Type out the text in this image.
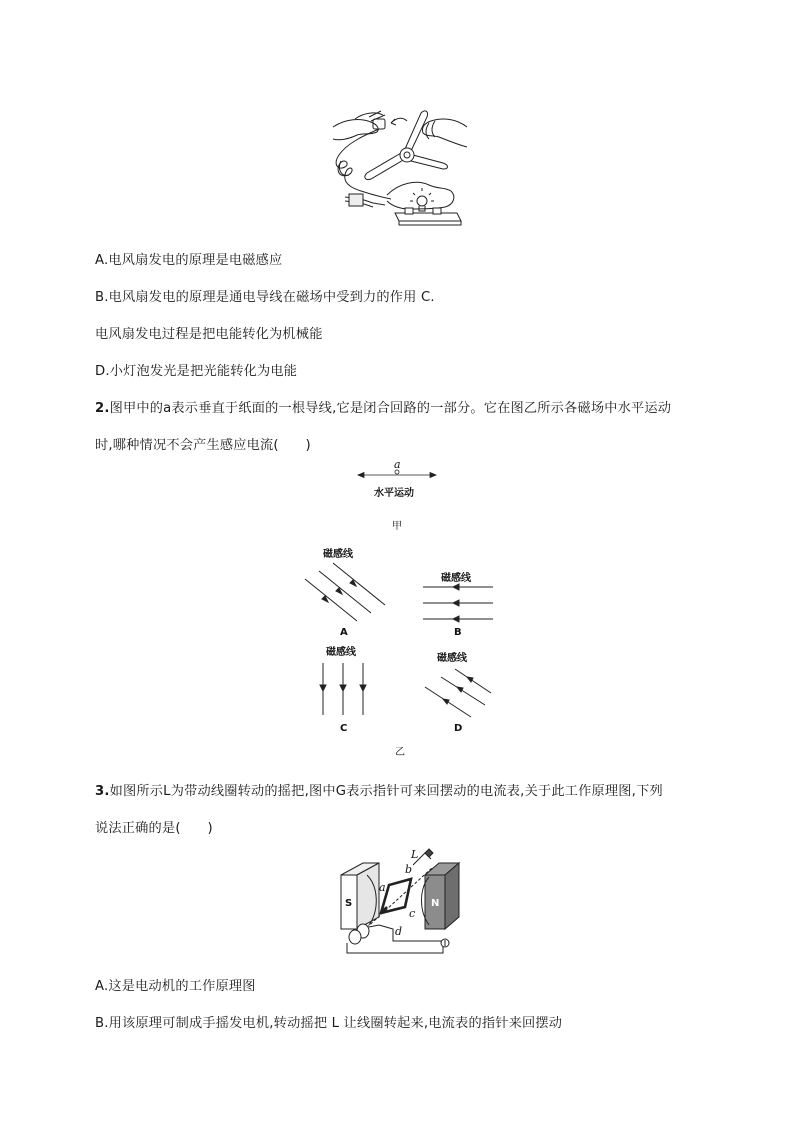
A.电风扇发电的原理是电磁感应
B.电风扇发电的原理是通电导线在磁场中受到力的作用 C.
电风扇发电过程是把电能转化为机械能
D.小灯泡发光是把光能转化为电能
2.图甲中的a表示垂直于纸面的一根导线,它是闭合回路的一部分。它在图乙所示各磁场中水平运动
时,哪种情况不会产生感应电流(　　)
a
水平运动
甲
磁感线
A
磁感线
B
磁感线
C
磁感线
D
乙
3.如图所示L为带动线圈转动的摇把,图中G表示指针可来回摆动的电流表,关于此工作原理图,下列
说法正确的是(　　)
S	N
L
a
b
c
d
A.这是电动机的工作原理图
B.用该原理可制成手摇发电机,转动摇把 L 让线圈转起来,电流表的指针来回摆动
